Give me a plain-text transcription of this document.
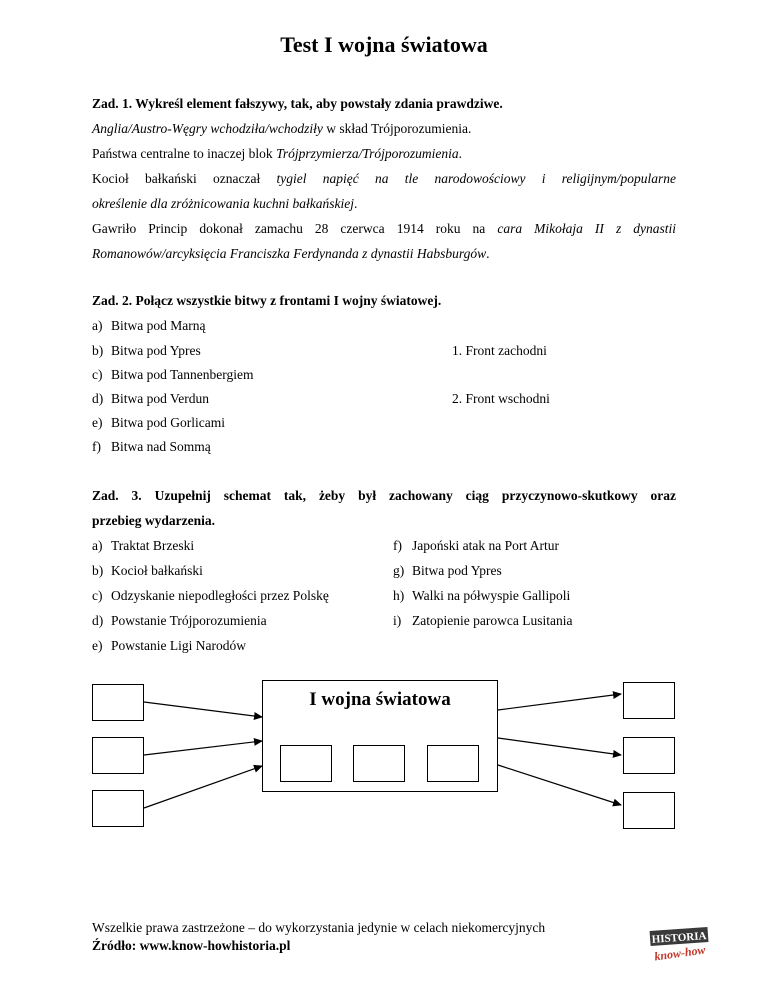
Test I wojna światowa
Zad. 1. Wykreśl element fałszywy, tak, aby powstały zdania prawdziwe.
Anglia/Austro-Węgry wchodziła/wchodziły w skład Trójporozumienia.
Państwa centralne to inaczej blok Trójprzymierza/Trójporozumienia.
Kocioł bałkański oznaczał tygiel napięć na tle narodowościowy i religijnym/popularne
określenie dla zróżnicowania kuchni bałkańskiej.
Gawriło Princip dokonał zamachu 28 czerwca 1914 roku na cara Mikołaja II z dynastii
Romanowów/arcyksięcia Franciszka Ferdynanda z dynastii Habsburgów.
Zad. 2. Połącz wszystkie bitwy z frontami I wojny światowej.
a) Bitwa pod Marną
b) Bitwa pod Ypres
c) Bitwa pod Tannenbergiem
d) Bitwa pod Verdun
e) Bitwa pod Gorlicami
f) Bitwa nad Sommą
1. Front zachodni
2. Front wschodni
Zad. 3. Uzupełnij schemat tak, żeby był zachowany ciąg przyczynowo-skutkowy oraz
przebieg wydarzenia.
a) Traktat Brzeski
b) Kocioł bałkański
c) Odzyskanie niepodległości przez Polskę
d) Powstanie Trójporozumienia
e) Powstanie Ligi Narodów
f) Japoński atak na Port Artur
g) Bitwa pod Ypres
h) Walki na półwyspie Gallipoli
i) Zatopienie parowca Lusitania
I wojna światowa
Wszelkie prawa zastrzeżone – do wykorzystania jedynie w celach niekomercyjnych
Źródło: www.know-howhistoria.pl	HISTORIA
know-how
